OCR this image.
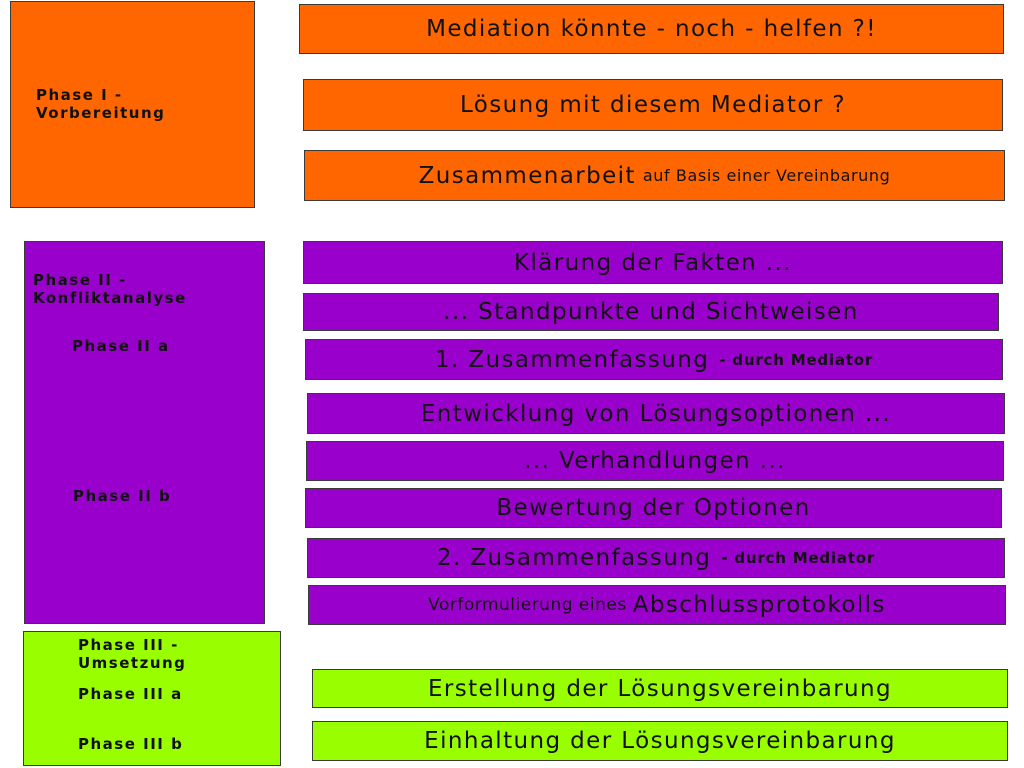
Phase I -
Vorbereitung
Mediation könnte - noch - helfen ?!
Lösung mit diesem Mediator ?
Zusammenarbeit auf Basis einer Vereinbarung
Phase II -
Konfliktanalyse
Phase II a
Phase II b
Klärung der Fakten ...
... Standpunkte und Sichtweisen
1. Zusammenfassung - durch Mediator
Entwicklung von Lösungsoptionen ...
... Verhandlungen ...
Bewertung der Optionen
2. Zusammenfassung - durch Mediator
Vorformulierung eines Abschlussprotokolls
Phase III -
Umsetzung
Phase III a
Phase III b
Erstellung der Lösungsvereinbarung
Einhaltung der Lösungsvereinbarung
